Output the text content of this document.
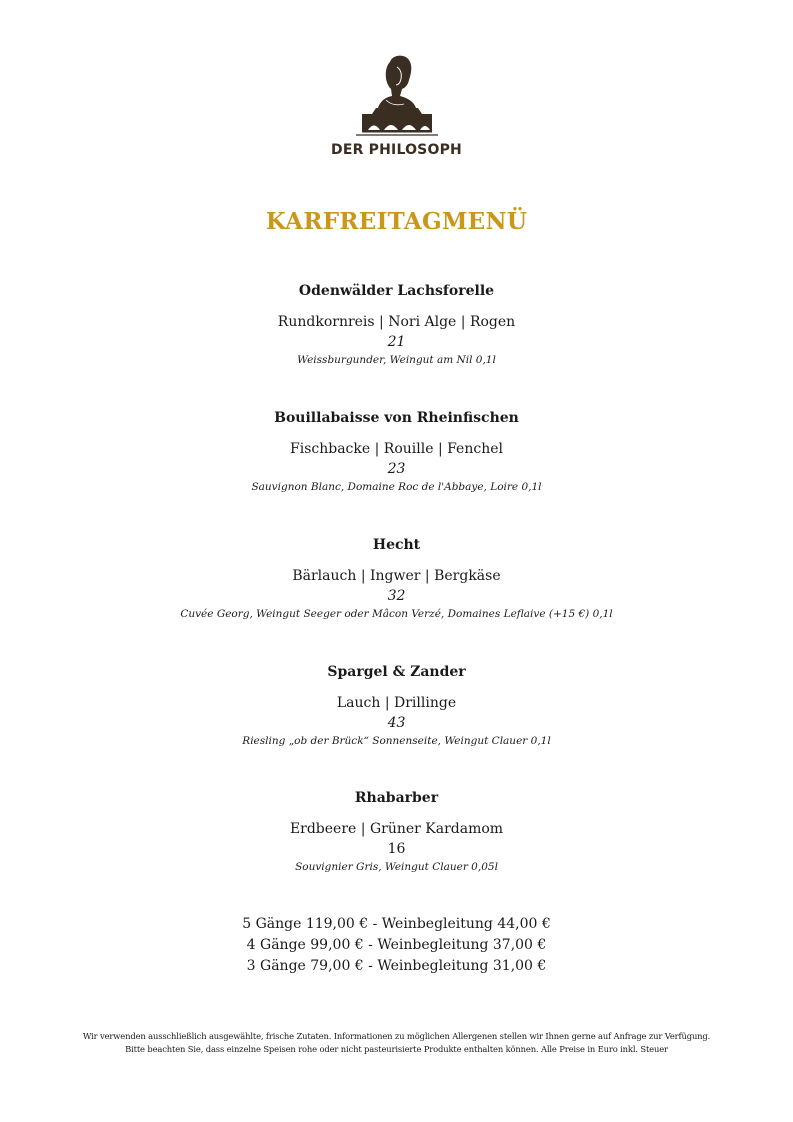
DER PHILOSOPH
KARFREITAGMENÜ
Odenwälder Lachsforelle
Rundkornreis | Nori Alge | Rogen
21
Weissburgunder, Weingut am Nil 0,1l
Bouillabaisse von Rheinfischen
Fischbacke | Rouille | Fenchel
23
Sauvignon Blanc, Domaine Roc de l'Abbaye, Loire 0,1l
Hecht
Bärlauch | Ingwer | Bergkäse
32
Cuvée Georg, Weingut Seeger oder Mâcon Verzé, Domaines Leflaive (+15 €) 0,1l
Spargel & Zander
Lauch | Drillinge
43
Riesling „ob der Brück“ Sonnenseite, Weingut Clauer 0,1l
Rhabarber
Erdbeere | Grüner Kardamom
16
Souvignier Gris, Weingut Clauer 0,05l
5 Gänge 119,00 € - Weinbegleitung 44,00 €
4 Gänge 99,00 € - Weinbegleitung 37,00 €
3 Gänge 79,00 € - Weinbegleitung 31,00 €
Wir verwenden ausschließlich ausgewählte, frische Zutaten. Informationen zu möglichen Allergenen stellen wir Ihnen gerne auf Anfrage zur Verfügung.
Bitte beachten Sie, dass einzelne Speisen rohe oder nicht pasteurisierte Produkte enthalten können. Alle Preise in Euro inkl. Steuer
